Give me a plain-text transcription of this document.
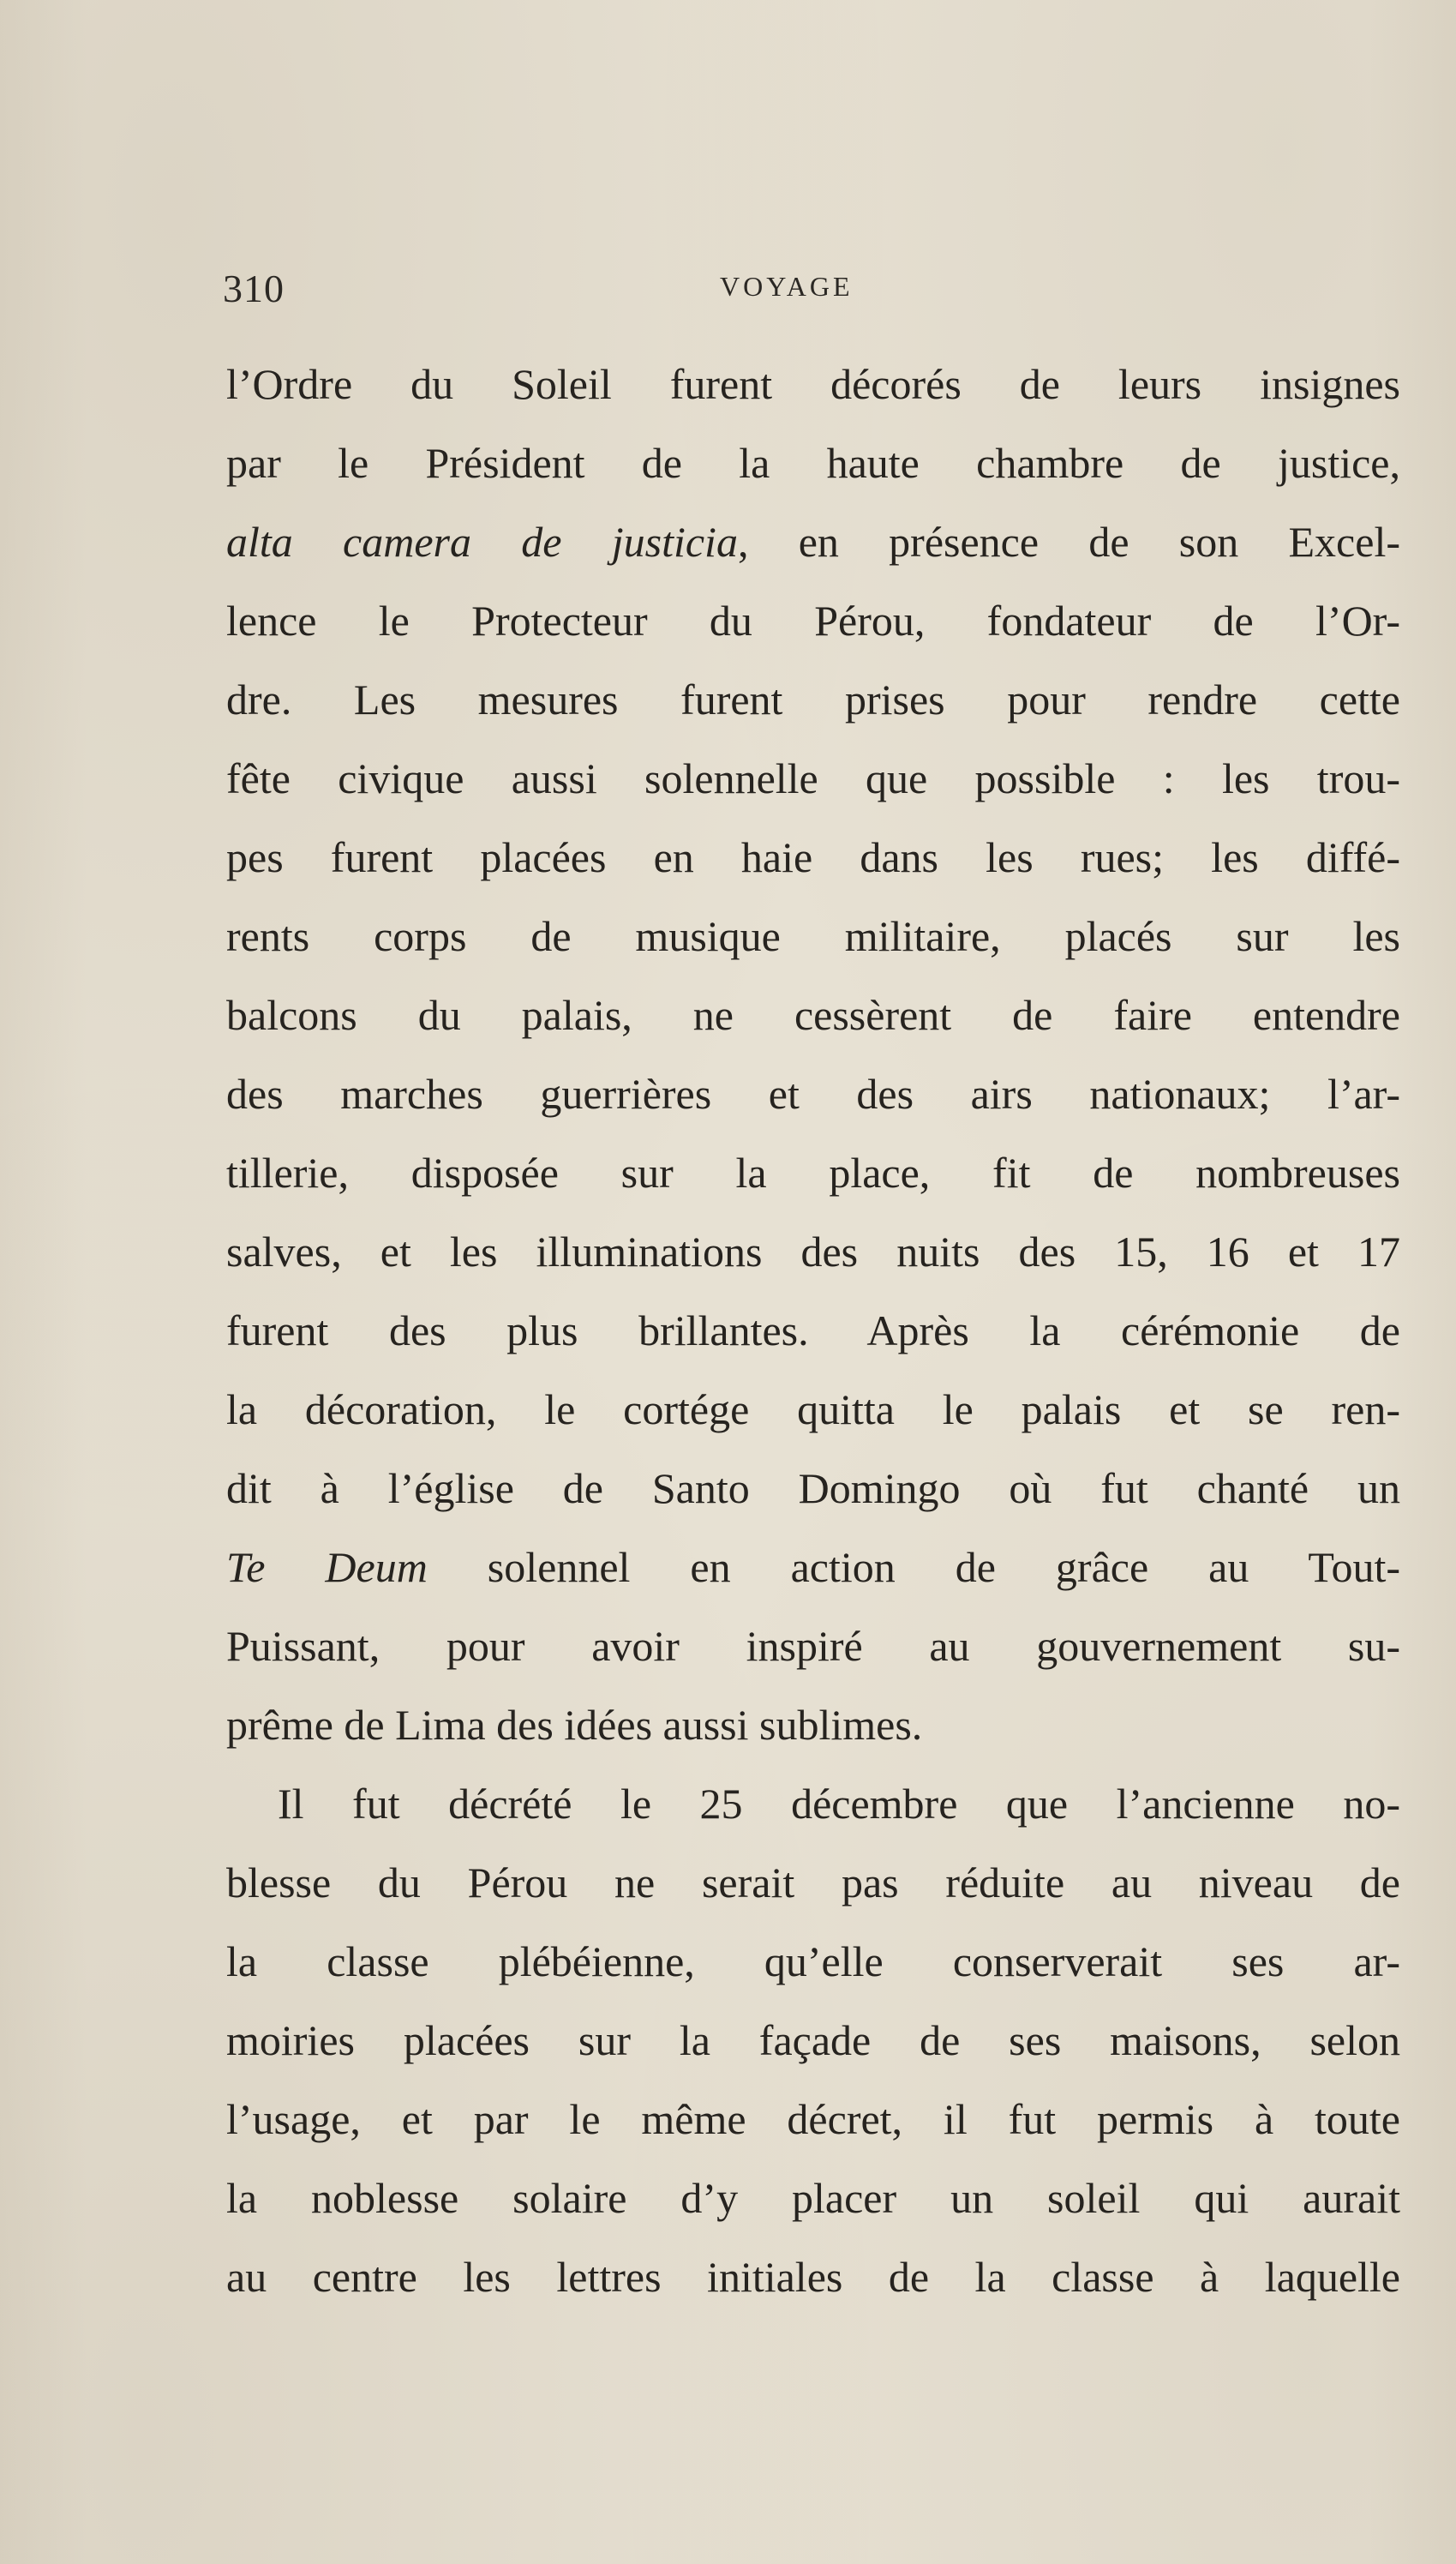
310	VOYAGE
l’Ordre du Soleil furent décorés de leurs insignes
par le Président de la haute chambre de justice,
alta camera de justicia, en présence de son Excel-
lence le Protecteur du Pérou, fondateur de l’Or-
dre. Les mesures furent prises pour rendre cette
fête civique aussi solennelle que possible : les trou-
pes furent placées en haie dans les rues; les diffé-
rents corps de musique militaire, placés sur les
balcons du palais, ne cessèrent de faire entendre
des marches guerrières et des airs nationaux; l’ar-
tillerie, disposée sur la place, fit de nombreuses
salves, et les illuminations des nuits des 15, 16 et 17
furent des plus brillantes. Après la cérémonie de
la décoration, le cortége quitta le palais et se ren-
dit à l’église de Santo Domingo où fut chanté un
Te Deum solennel en action de grâce au Tout-
Puissant, pour avoir inspiré au gouvernement su-
prême de Lima des idées aussi sublimes.
Il fut décrété le 25 décembre que l’ancienne no-
blesse du Pérou ne serait pas réduite au niveau de
la classe plébéienne, qu’elle conserverait ses ar-
moiries placées sur la façade de ses maisons, selon
l’usage, et par le même décret, il fut permis à toute
la noblesse solaire d’y placer un soleil qui aurait
au centre les lettres initiales de la classe à laquelle
